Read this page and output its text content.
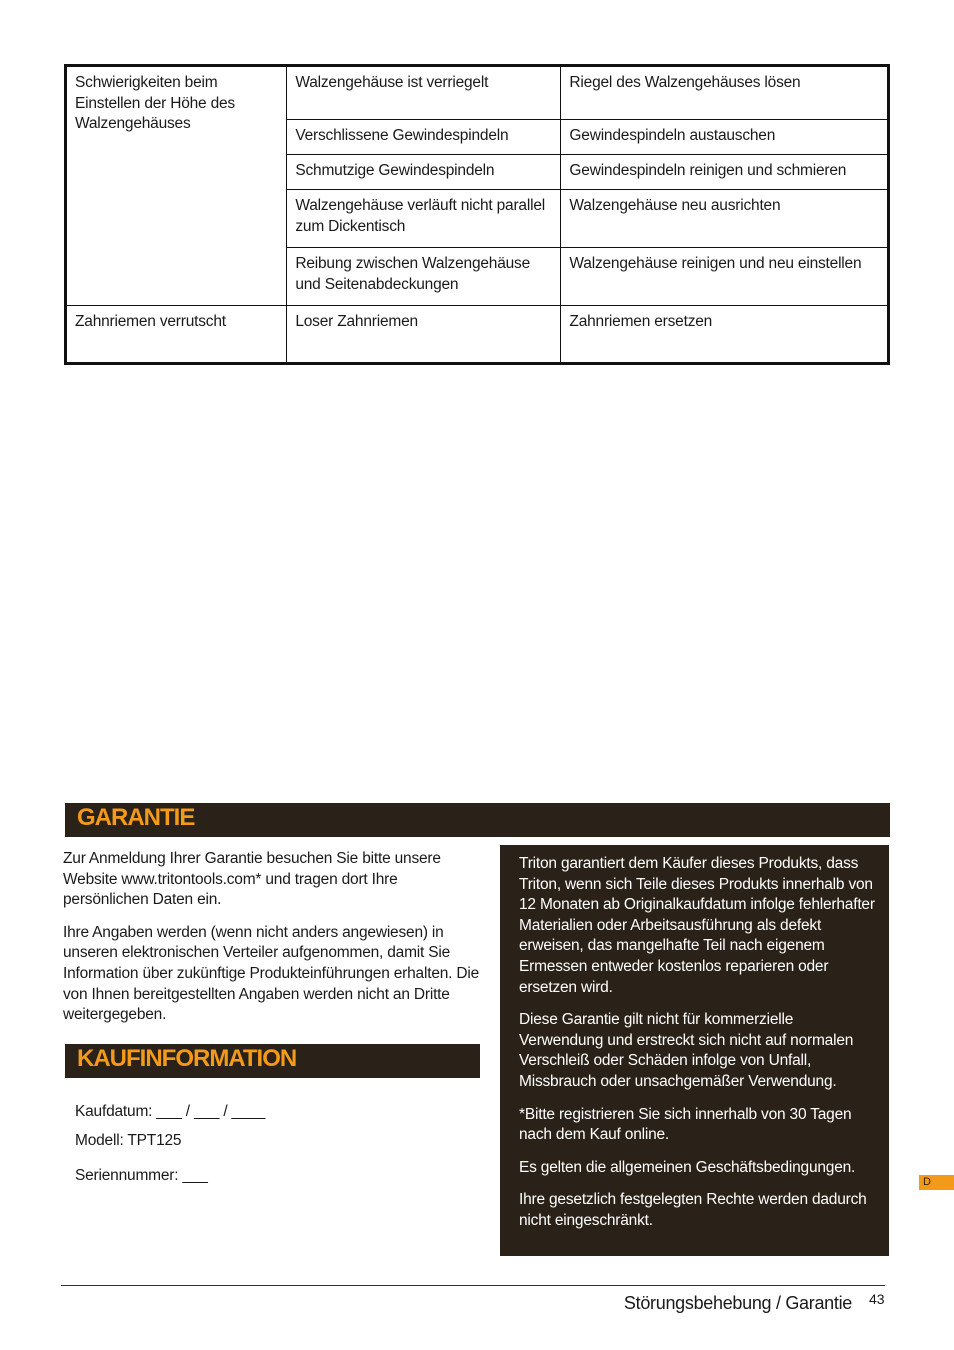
Schwierigkeiten beim Einstellen der Höhe des Walzengehäuses	Walzengehäuse ist verriegelt	Riegel des Walzengehäuses lösen
	Verschlissene Gewindespindeln	Gewindespindeln austauschen
	Schmutzige Gewindespindeln	Gewindespindeln reinigen und schmieren
	Walzengehäuse verläuft nicht parallel zum Dickentisch	Walzengehäuse neu ausrichten
	Reibung zwischen Walzengehäuse und Seitenabdeckungen	Walzengehäuse reinigen und neu einstellen
Zahnriemen verrutscht	Loser Zahnriemen	Zahnriemen ersetzen
GARANTIE

Zur Anmeldung Ihrer Garantie besuchen Sie bitte unsere Website www.tritontools.com* und tragen dort Ihre persönlichen Daten ein.

Ihre Angaben werden (wenn nicht anders angewiesen) in unseren elektronischen Verteiler aufgenommen, damit Sie Information über zukünftige Produkteinführungen erhalten. Die von Ihnen bereitgestellten Angaben werden nicht an Dritte weitergegeben.

KAUFINFORMATION
Kaufdatum: ___ / ___ / ____
Modell: TPT125
Seriennummer: ___

Triton garantiert dem Käufer dieses Produkts, dass Triton, wenn sich Teile dieses Produkts innerhalb von 12 Monaten ab Originalkaufdatum infolge fehlerhafter Materialien oder Arbeitsausführung als defekt erweisen, das mangelhafte Teil nach eigenem Ermessen entweder kostenlos reparieren oder ersetzen wird.

Diese Garantie gilt nicht für kommerzielle Verwendung und erstreckt sich nicht auf normalen Verschleiß oder Schäden infolge von Unfall, Missbrauch oder unsachgemäßer Verwendung.

*Bitte registrieren Sie sich innerhalb von 30 Tagen nach dem Kauf online.

Es gelten die allgemeinen Geschäftsbedingungen.

Ihre gesetzlich festgelegten Rechte werden dadurch nicht eingeschränkt.

D
Störungsbehebung / Garantie 43
